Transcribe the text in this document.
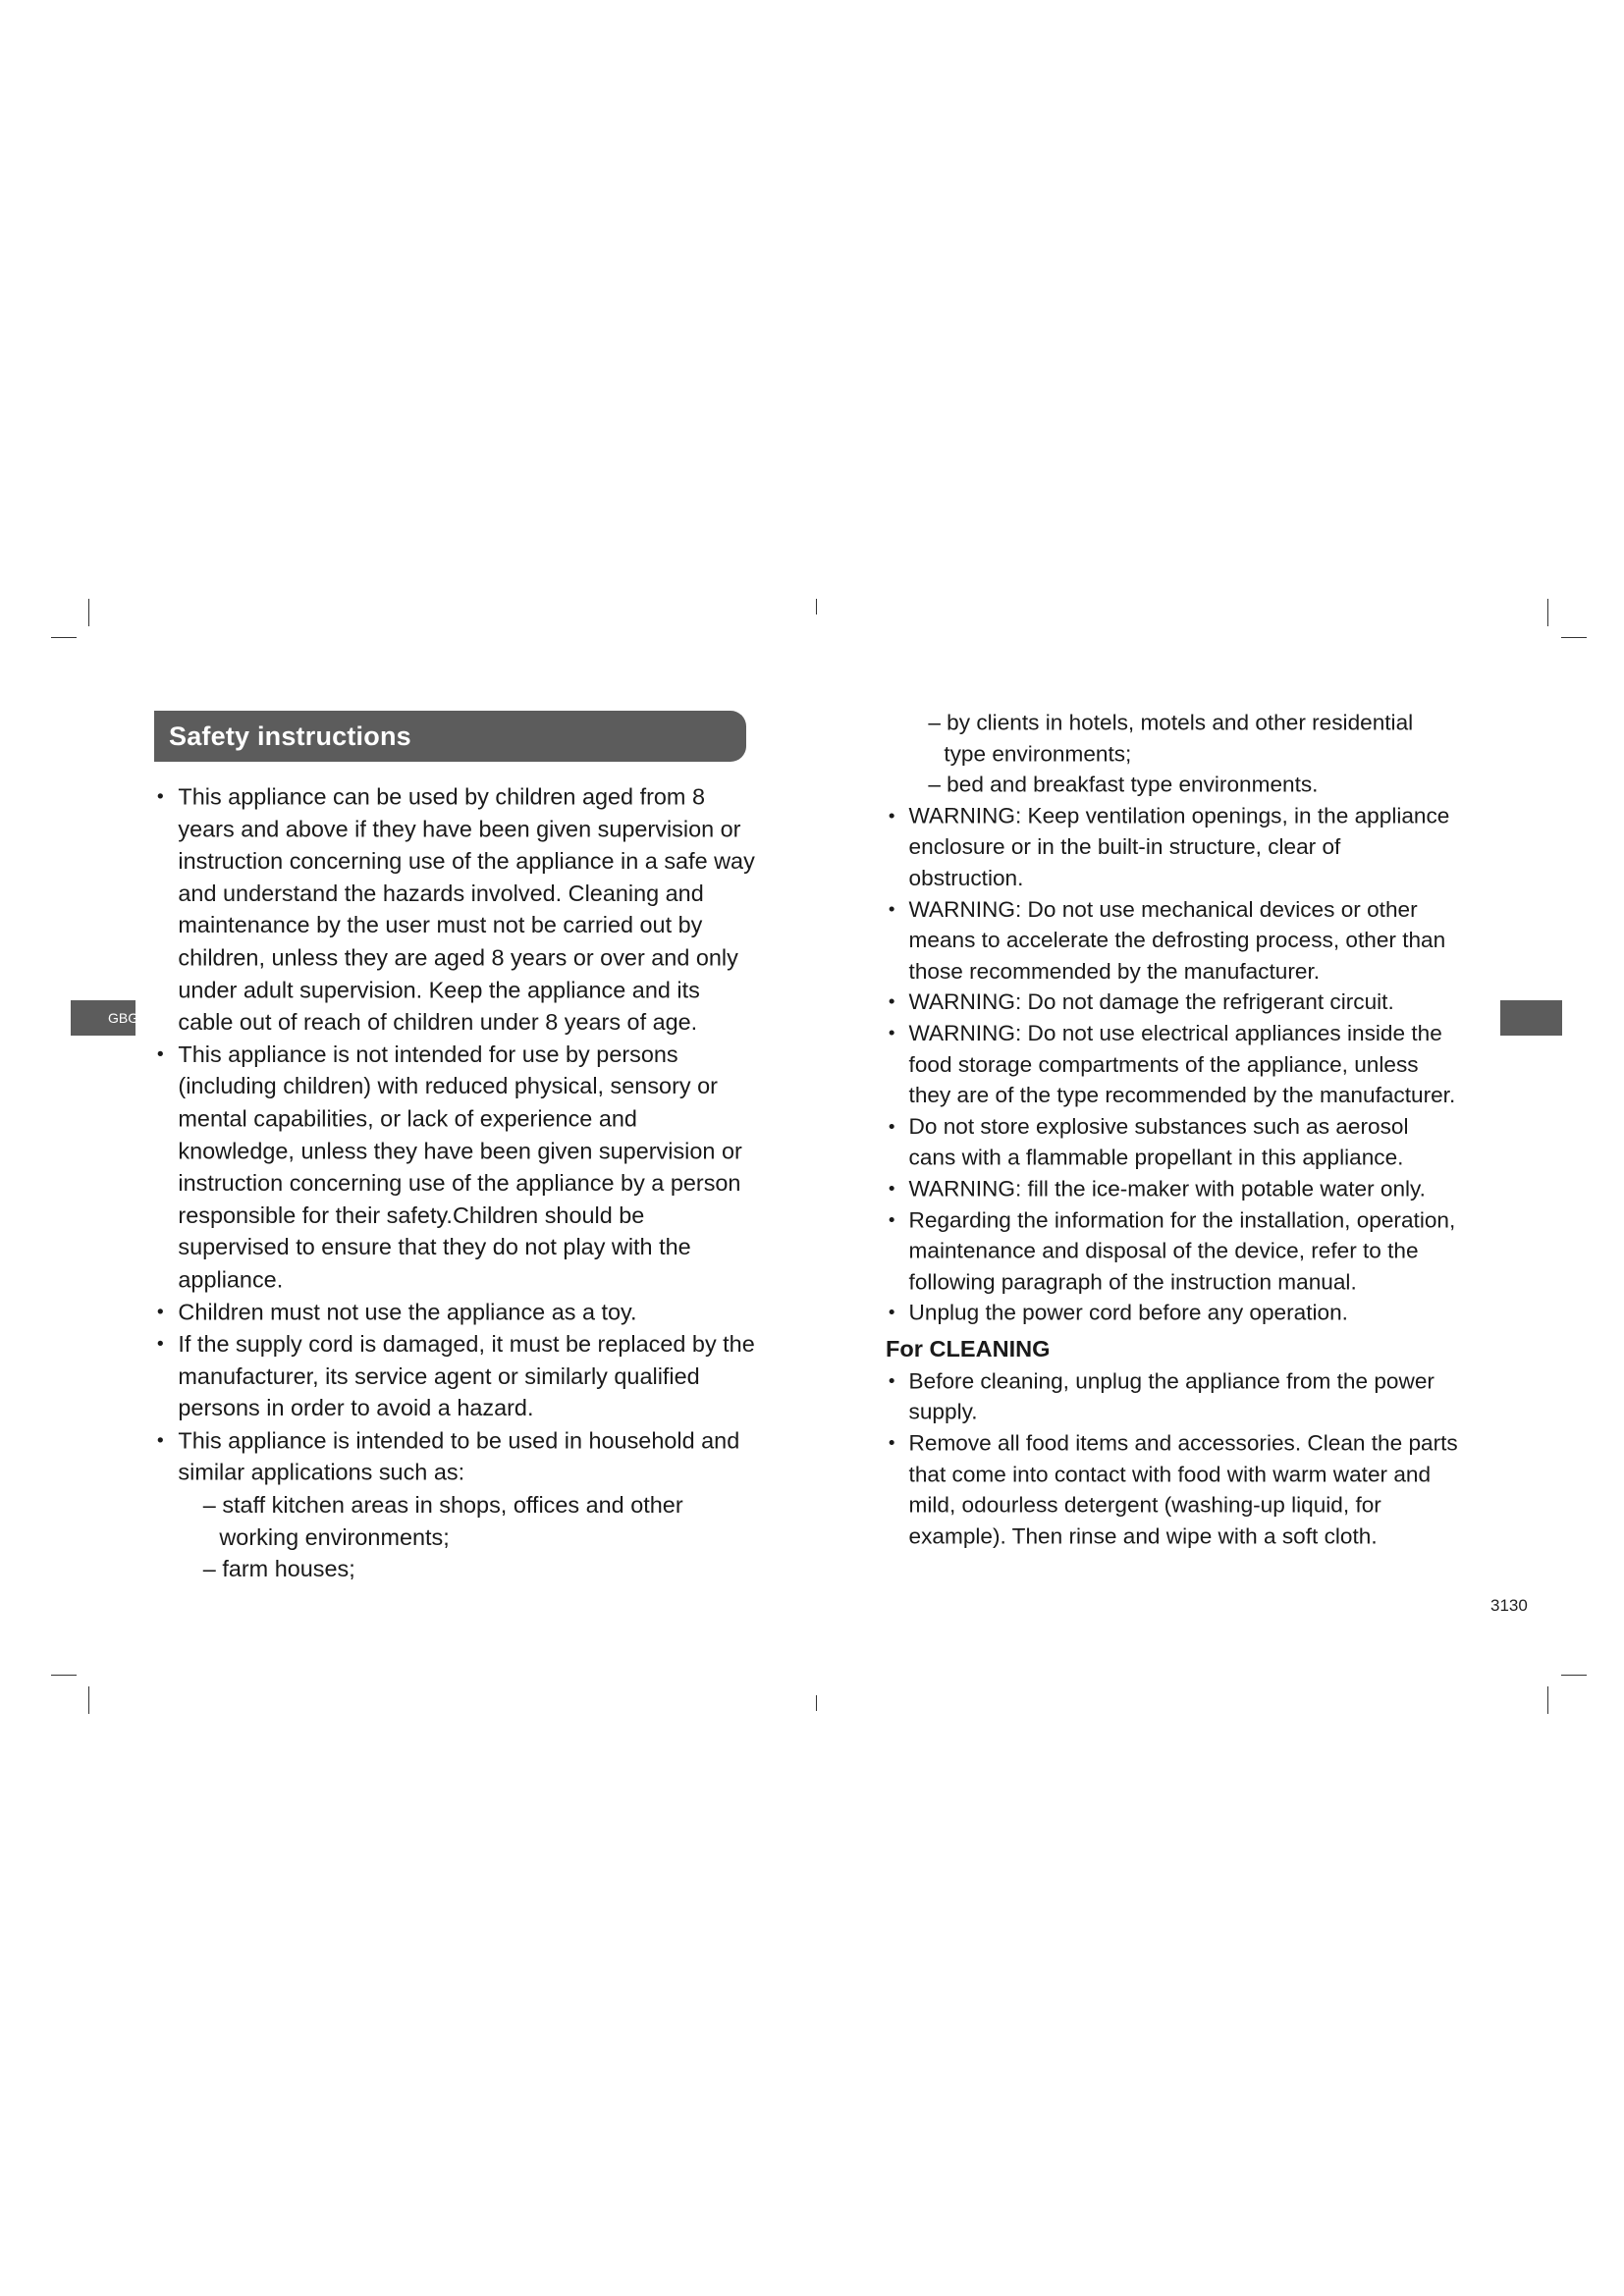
Safety instructions
GBGB
• This appliance can be used by children aged from 8 years and above if they have been given supervision or instruction concerning use of the appliance in a safe way and understand the hazards involved. Cleaning and maintenance by the user must not be carried out by children, unless they are aged 8 years or over and only under adult supervision. Keep the appliance and its cable out of reach of children under 8 years of age.
• This appliance is not intended for use by persons (including children) with reduced physical, sensory or mental capabilities, or lack of experience and knowledge, unless they have been given supervision or instruction concerning use of the appliance by a person responsible for their safety.Children should be supervised to ensure that they do not play with the appliance.
• Children must not use the appliance as a toy.
• If the supply cord is damaged, it must be replaced by the manufacturer, its service agent or similarly qualified persons in order to avoid a hazard.
• This appliance is intended to be used in household and similar applications such as:
– staff kitchen areas in shops, offices and other working environments;
– farm houses;
– by clients in hotels, motels and other residential type environments;
– bed and breakfast type environments.
• WARNING: Keep ventilation openings, in the appliance enclosure or in the built-in structure, clear of obstruction.
• WARNING: Do not use mechanical devices or other means to accelerate the defrosting process, other than those recommended by the manufacturer.
• WARNING: Do not damage the refrigerant circuit.
• WARNING: Do not use electrical appliances inside the food storage compartments of the appliance, unless they are of the type recommended by the manufacturer.
• Do not store explosive substances such as aerosol cans with a flammable propellant in this appliance.
• WARNING: fill the ice-maker with potable water only.
• Regarding the information for the installation, operation, maintenance and disposal of the device, refer to the following paragraph of the instruction manual.
• Unplug the power cord before any operation.
For CLEANING
• Before cleaning, unplug the appliance from the power supply.
• Remove all food items and accessories. Clean the parts that come into contact with food with warm water and mild, odourless detergent (washing-up liquid, for example). Then rinse and wipe with a soft cloth.
3130
